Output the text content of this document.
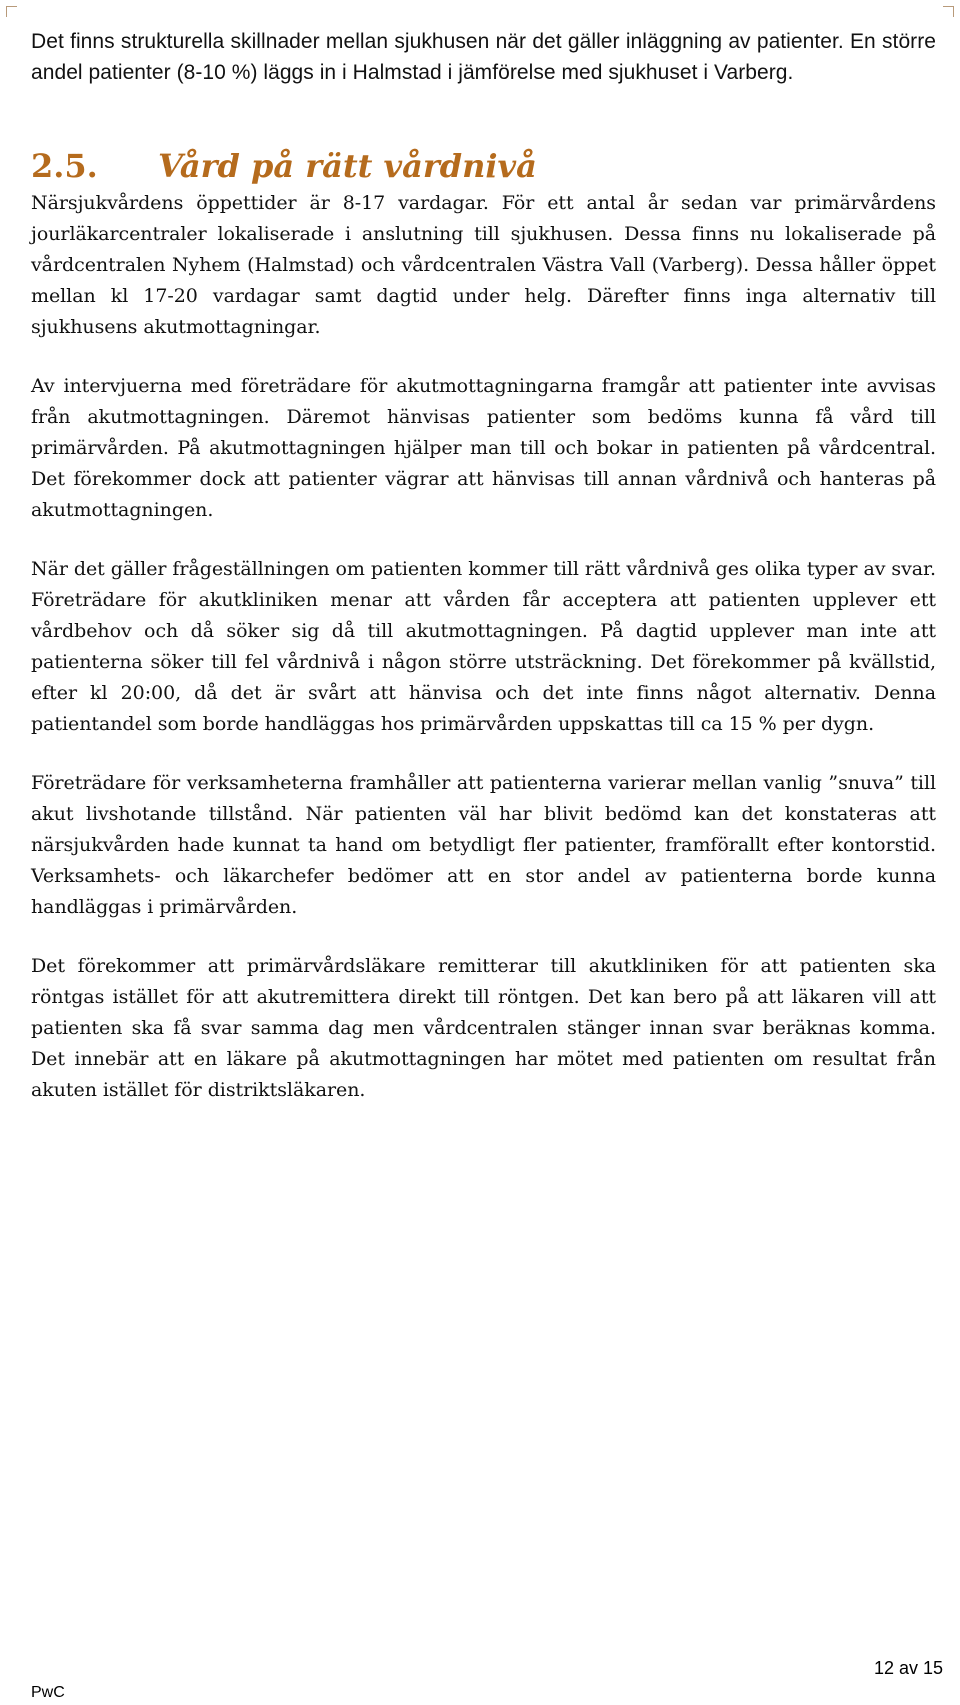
Det finns strukturella skillnader mellan sjukhusen när det gäller inläggning av patienter. En större andel patienter (8-10 %) läggs in i Halmstad i jämförelse med sjukhuset i Varberg.

2.5.	Vård på rätt vårdnivå

Närsjukvårdens öppettider är 8-17 vardagar. För ett antal år sedan var primärvårdens jourläkarcentraler lokaliserade i anslutning till sjukhusen. Dessa finns nu lokaliserade på vårdcentralen Nyhem (Halmstad) och vårdcentralen Västra Vall (Varberg). Dessa håller öppet mellan kl 17-20 vardagar samt dagtid under helg. Därefter finns inga alternativ till sjukhusens akutmottagningar.

Av intervjuerna med företrädare för akutmottagningarna framgår att patienter inte avvisas från akutmottagningen. Däremot hänvisas patienter som bedöms kunna få vård till primärvården. På akutmottagningen hjälper man till och bokar in patienten på vårdcentral. Det förekommer dock att patienter vägrar att hänvisas till annan vårdnivå och hanteras på akutmottagningen.

När det gäller frågeställningen om patienten kommer till rätt vårdnivå ges olika typer av svar. Företrädare för akutkliniken menar att vården får acceptera att patienten upplever ett vårdbehov och då söker sig då till akutmottagningen. På dagtid upplever man inte att patienterna söker till fel vårdnivå i någon större utsträckning. Det förekommer på kvällstid, efter kl 20:00, då det är svårt att hänvisa och det inte finns något alternativ. Denna patientandel som borde handläggas hos primärvården uppskattas till ca 15 % per dygn.

Företrädare för verksamheterna framhåller att patienterna varierar mellan vanlig ”snuva” till akut livshotande tillstånd. När patienten väl har blivit bedömd kan det konstateras att närsjukvården hade kunnat ta hand om betydligt fler patienter, framförallt efter kontorstid. Verksamhets- och läkarchefer bedömer att en stor andel av patienterna borde kunna handläggas i primärvården.

Det förekommer att primärvårdsläkare remitterar till akutkliniken för att patienten ska röntgas istället för att akutremittera direkt till röntgen. Det kan bero på att läkaren vill att patienten ska få svar samma dag men vårdcentralen stänger innan svar beräknas komma. Det innebär att en läkare på akutmottagningen har mötet med patienten om resultat från akuten istället för distriktsläkaren.

12 av 15
PwC
